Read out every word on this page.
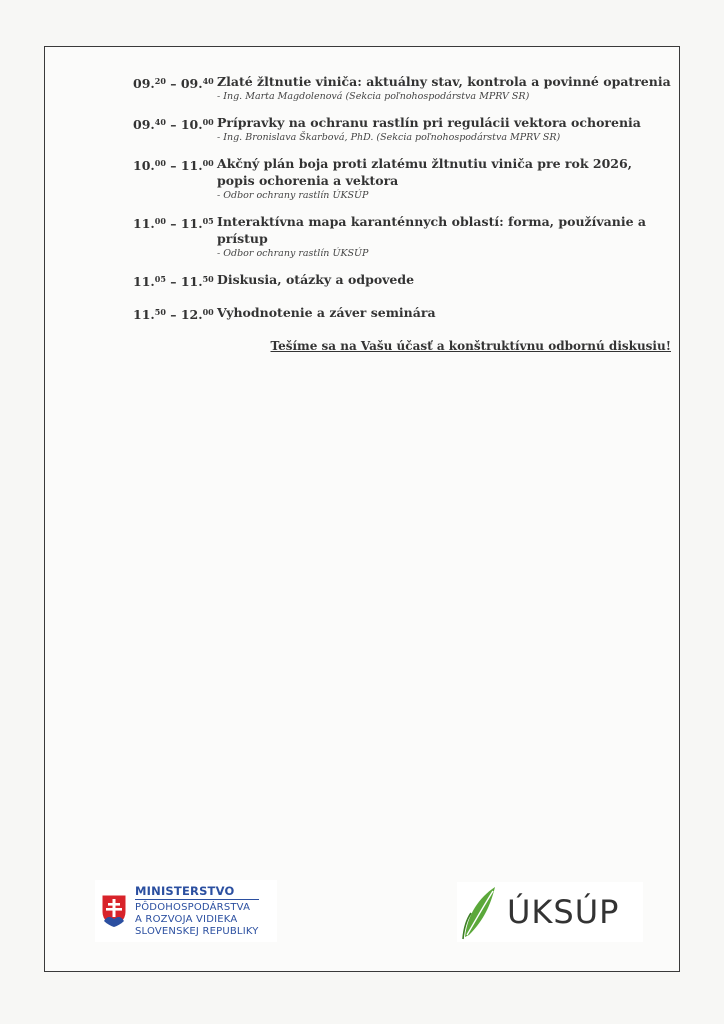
09.20 – 09.40 Zlaté žltnutie viniča: aktuálny stav, kontrola a povinné opatrenia
- Ing. Marta Magdolenová (Sekcia poľnohospodárstva MPRV SR)
09.40 – 10.00 Prípravky na ochranu rastlín pri regulácii vektora ochorenia
- Ing. Bronislava Škarbová, PhD. (Sekcia poľnohospodárstva MPRV SR)
10.00 – 11.00 Akčný plán boja proti zlatému žltnutiu viniča pre rok 2026,
popis ochorenia a vektora
- Odbor ochrany rastlín ÚKSÚP
11.00 – 11.05 Interaktívna mapa karanténnych oblastí: forma, používanie a prístup
- Odbor ochrany rastlín ÚKSÚP
11.05 – 11.50 Diskusia, otázky a odpovede
11.50 – 12.00 Vyhodnotenie a záver seminára
Tešíme sa na Vašu účasť a konštruktívnu odbornú diskusiu!
MINISTERSTVO
PÔDOHOSPODÁRSTVA
A ROZVOJA VIDIEKA
SLOVENSKEJ REPUBLIKY
ÚKSÚP
